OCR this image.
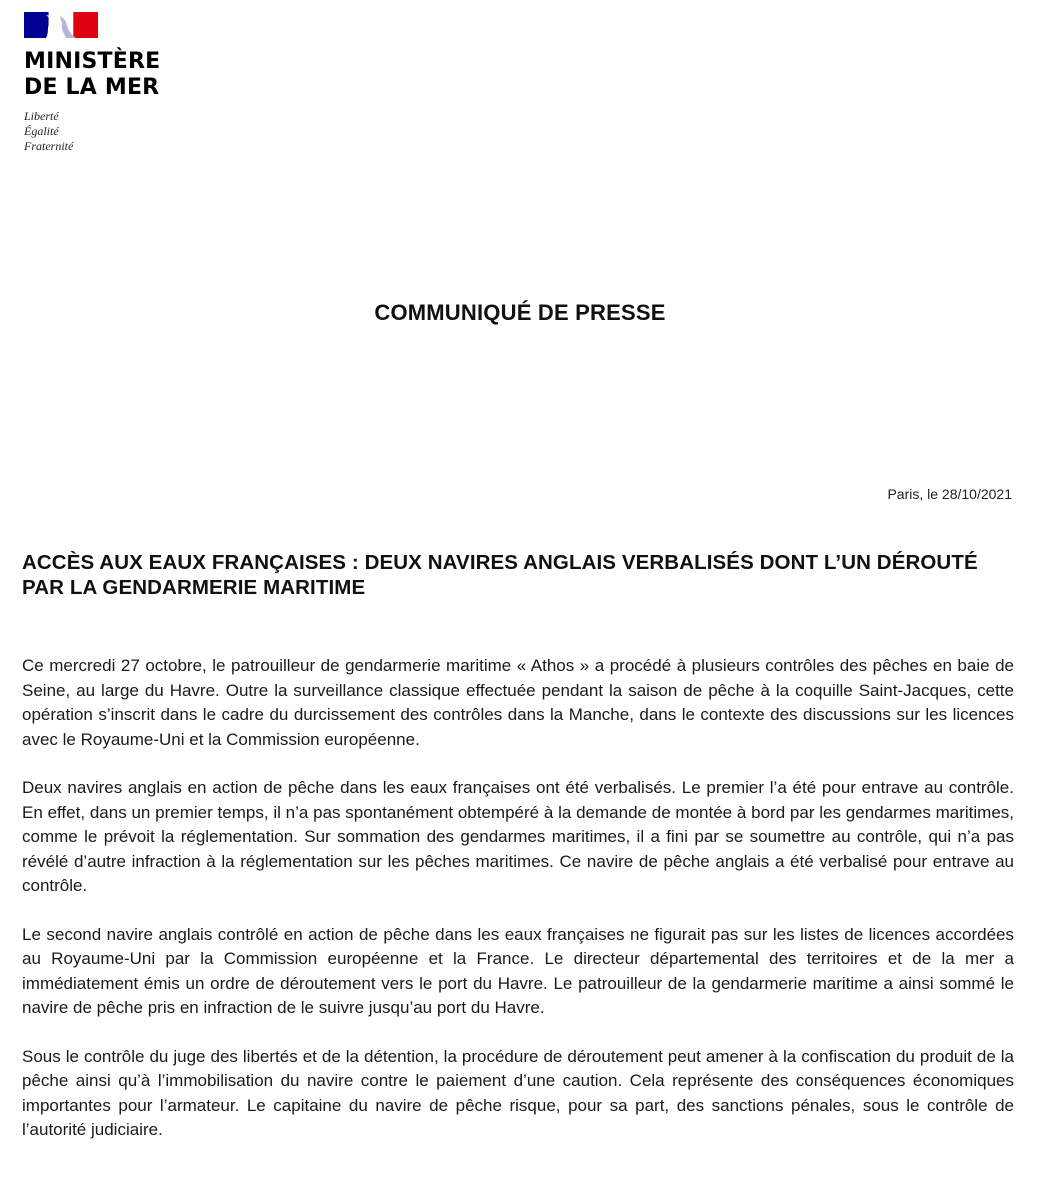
MINISTÈRE
DE LA MER
Liberté
Égalité
Fraternité
COMMUNIQUÉ DE PRESSE
Paris, le 28/10/2021
ACCÈS AUX EAUX FRANÇAISES : DEUX NAVIRES ANGLAIS VERBALISÉS DONT L’UN DÉROUTÉ PAR LA GENDARMERIE MARITIME

Ce mercredi 27 octobre, le patrouilleur de gendarmerie maritime « Athos » a procédé à plusieurs contrôles des pêches en baie de Seine, au large du Havre. Outre la surveillance classique effectuée pendant la saison de pêche à la coquille Saint-Jacques, cette opération s’inscrit dans le cadre du durcissement des contrôles dans la Manche, dans le contexte des discussions sur les licences avec le Royaume-Uni et la Commission européenne.

Deux navires anglais en action de pêche dans les eaux françaises ont été verbalisés. Le premier l’a été pour entrave au contrôle. En effet, dans un premier temps, il n’a pas spontanément obtempéré à la demande de montée à bord par les gendarmes maritimes, comme le prévoit la réglementation. Sur sommation des gendarmes maritimes, il a fini par se soumettre au contrôle, qui n’a pas révélé d’autre infraction à la réglementation sur les pêches maritimes. Ce navire de pêche anglais a été verbalisé pour entrave au contrôle.

Le second navire anglais contrôlé en action de pêche dans les eaux françaises ne figurait pas sur les listes de licences accordées au Royaume-Uni par la Commission européenne et la France. Le directeur départemental des territoires et de la mer a immédiatement émis un ordre de déroutement vers le port du Havre. Le patrouilleur de la gendarmerie maritime a ainsi sommé le navire de pêche pris en infraction de le suivre jusqu’au port du Havre.

Sous le contrôle du juge des libertés et de la détention, la procédure de déroutement peut amener à la confiscation du produit de la pêche ainsi qu’à l’immobilisation du navire contre le paiement d’une caution. Cela représente des conséquences économiques importantes pour l’armateur. Le capitaine du navire de pêche risque, pour sa part, des sanctions pénales, sous le contrôle de l’autorité judiciaire.
